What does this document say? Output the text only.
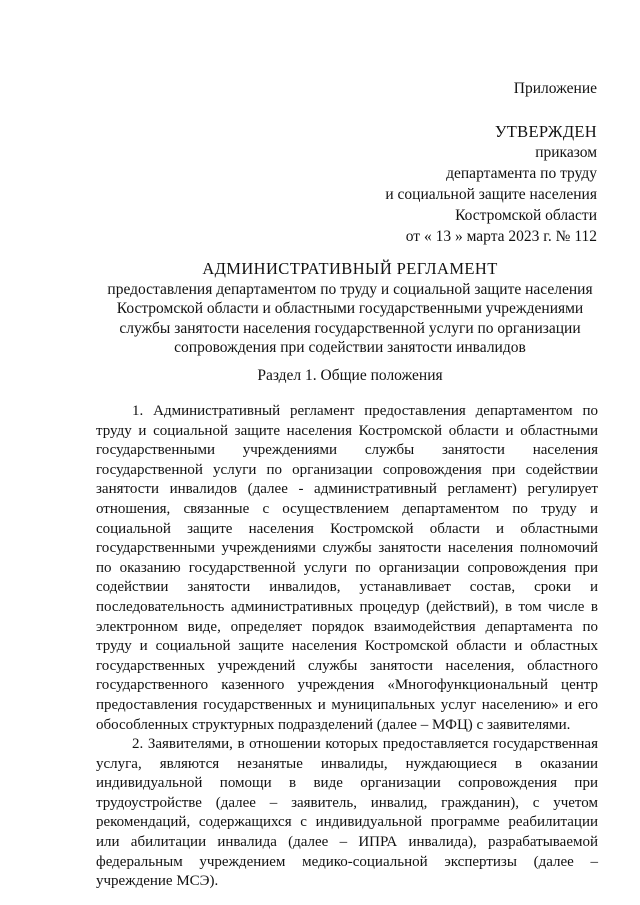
Приложение
УТВЕРЖДЕН
приказом
департамента по труду
и социальной защите населения
Костромской области
от « 13 » марта 2023 г. № 112
АДМИНИСТРАТИВНЫЙ РЕГЛАМЕНТ
предоставления департаментом по труду и социальной защите населения
Костромской области и областными государственными учреждениями
службы занятости населения государственной услуги по организации
сопровождения при содействии занятости инвалидов
Раздел 1. Общие положения

1. Административный регламент предоставления департаментом по труду и социальной защите населения Костромской области и областными государственными учреждениями службы занятости населения государственной услуги по организации сопровождения при содействии занятости инвалидов (далее - административный регламент) регулирует отношения, связанные с осуществлением департаментом по труду и социальной защите населения Костромской области и областными государственными учреждениями службы занятости населения полномочий по оказанию государственной услуги по организации сопровождения при содействии занятости инвалидов, устанавливает состав, сроки и последовательность административных процедур (действий), в том числе в электронном виде, определяет порядок взаимодействия департамента по труду и социальной защите населения Костромской области и областных государственных учреждений службы занятости населения, областного государственного казенного учреждения «Многофункциональный центр предоставления государственных и муниципальных услуг населению» и его обособленных структурных подразделений (далее – МФЦ) с заявителями.

2. Заявителями, в отношении которых предоставляется государственная услуга, являются незанятые инвалиды, нуждающиеся в оказании индивидуальной помощи в виде организации сопровождения при трудоустройстве (далее – заявитель, инвалид, гражданин), с учетом рекомендаций, содержащихся с индивидуальной программе реабилитации или абилитации инвалида (далее – ИПРА инвалида), разрабатываемой федеральным учреждением медико-социальной экспертизы (далее – учреждение МСЭ).
